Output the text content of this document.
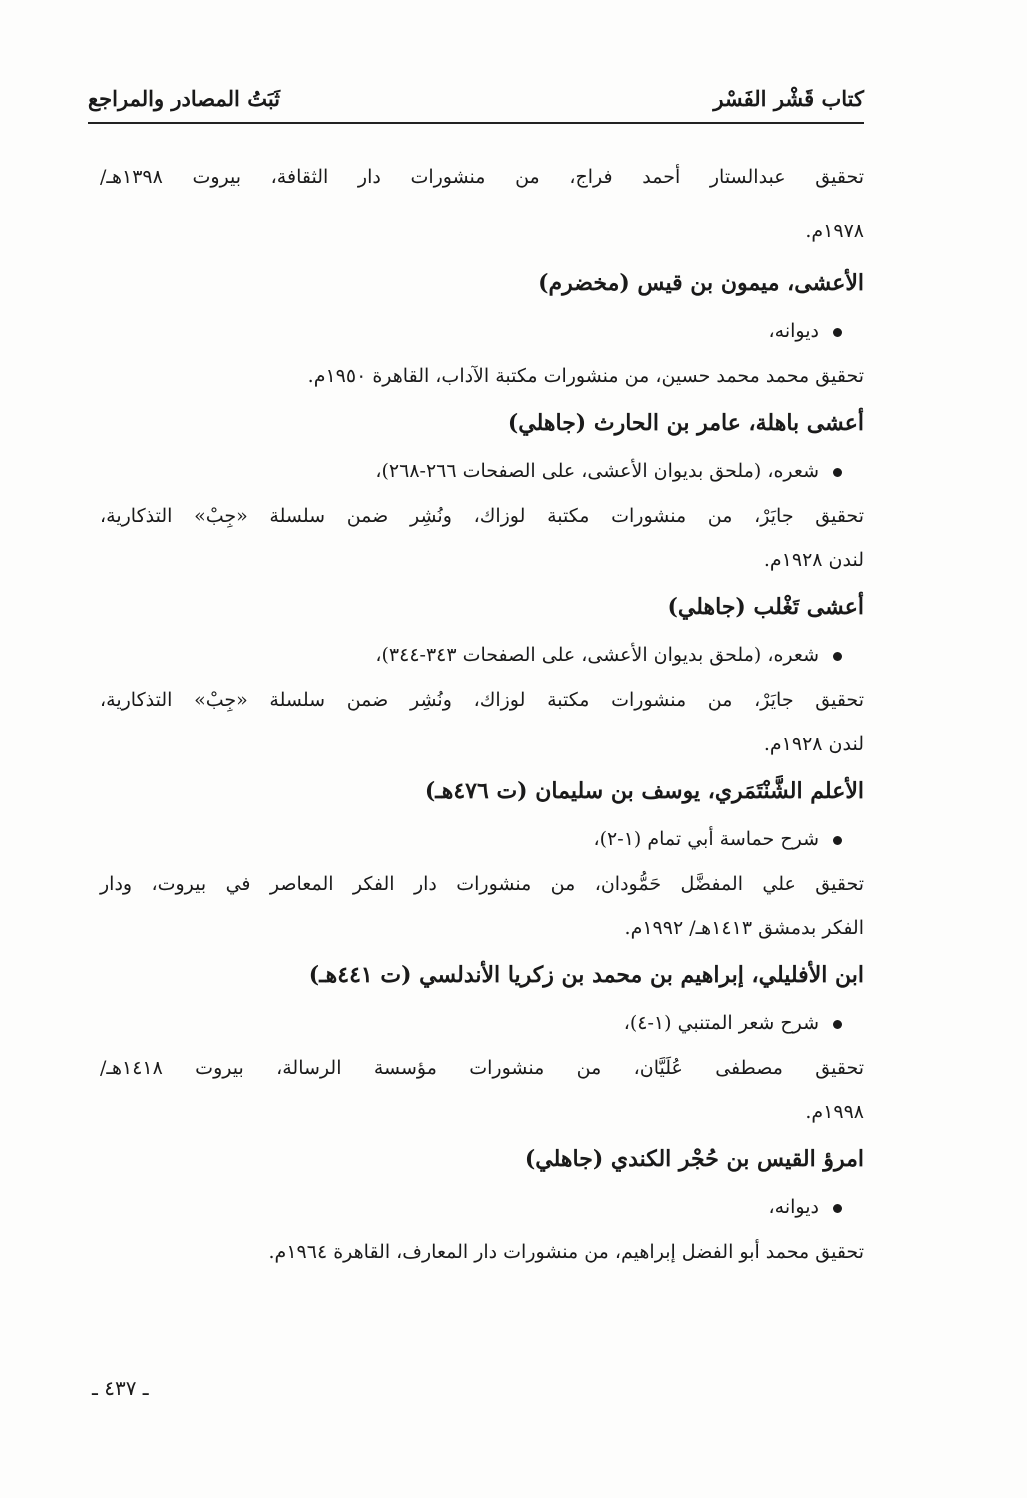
كتاب قَشْر الفَسْر
ثَبَتُ المصادر والمراجع
تحقيق عبدالستار أحمد فراج، من منشورات دار الثقافة، بيروت ١٣٩٨هـ/
١٩٧٨م.
الأعشى، ميمون بن قيس (مخضرم)
ديوانه،
تحقيق محمد محمد حسين، من منشورات مكتبة الآداب، القاهرة ١٩٥٠م.
أعشى باهلة، عامر بن الحارث (جاهلي)
شعره، (ملحق بديوان الأعشى، على الصفحات ٢٦٦-٢٦٨)،
تحقيق جايَرْ، من منشورات مكتبة لوزاك، ونُشِر ضمن سلسلة «جِبْ» التذكارية،
لندن ١٩٢٨م.
أعشى تَغْلب (جاهلي)
شعره، (ملحق بديوان الأعشى، على الصفحات ٣٤٣-٣٤٤)،
تحقيق جايَرْ، من منشورات مكتبة لوزاك، ونُشِر ضمن سلسلة «جِبْ» التذكارية،
لندن ١٩٢٨م.
الأعلم الشَّنْتَمَري، يوسف بن سليمان (ت ٤٧٦هـ)
شرح حماسة أبي تمام (١-٢)،
تحقيق علي المفضَّل حَمُّودان، من منشورات دار الفكر المعاصر في بيروت، ودار
الفكر بدمشق ١٤١٣هـ/ ١٩٩٢م.
ابن الأفليلي، إبراهيم بن محمد بن زكريا الأندلسي (ت ٤٤١هـ)
شرح شعر المتنبي (١-٤)،
تحقيق مصطفى عُلَيَّان، من منشورات مؤسسة الرسالة، بيروت ١٤١٨هـ/
١٩٩٨م.
امرؤ القيس بن حُجْر الكندي (جاهلي)
ديوانه،
تحقيق محمد أبو الفضل إبراهيم، من منشورات دار المعارف، القاهرة ١٩٦٤م.
ـ ٤٣٧ ـ
